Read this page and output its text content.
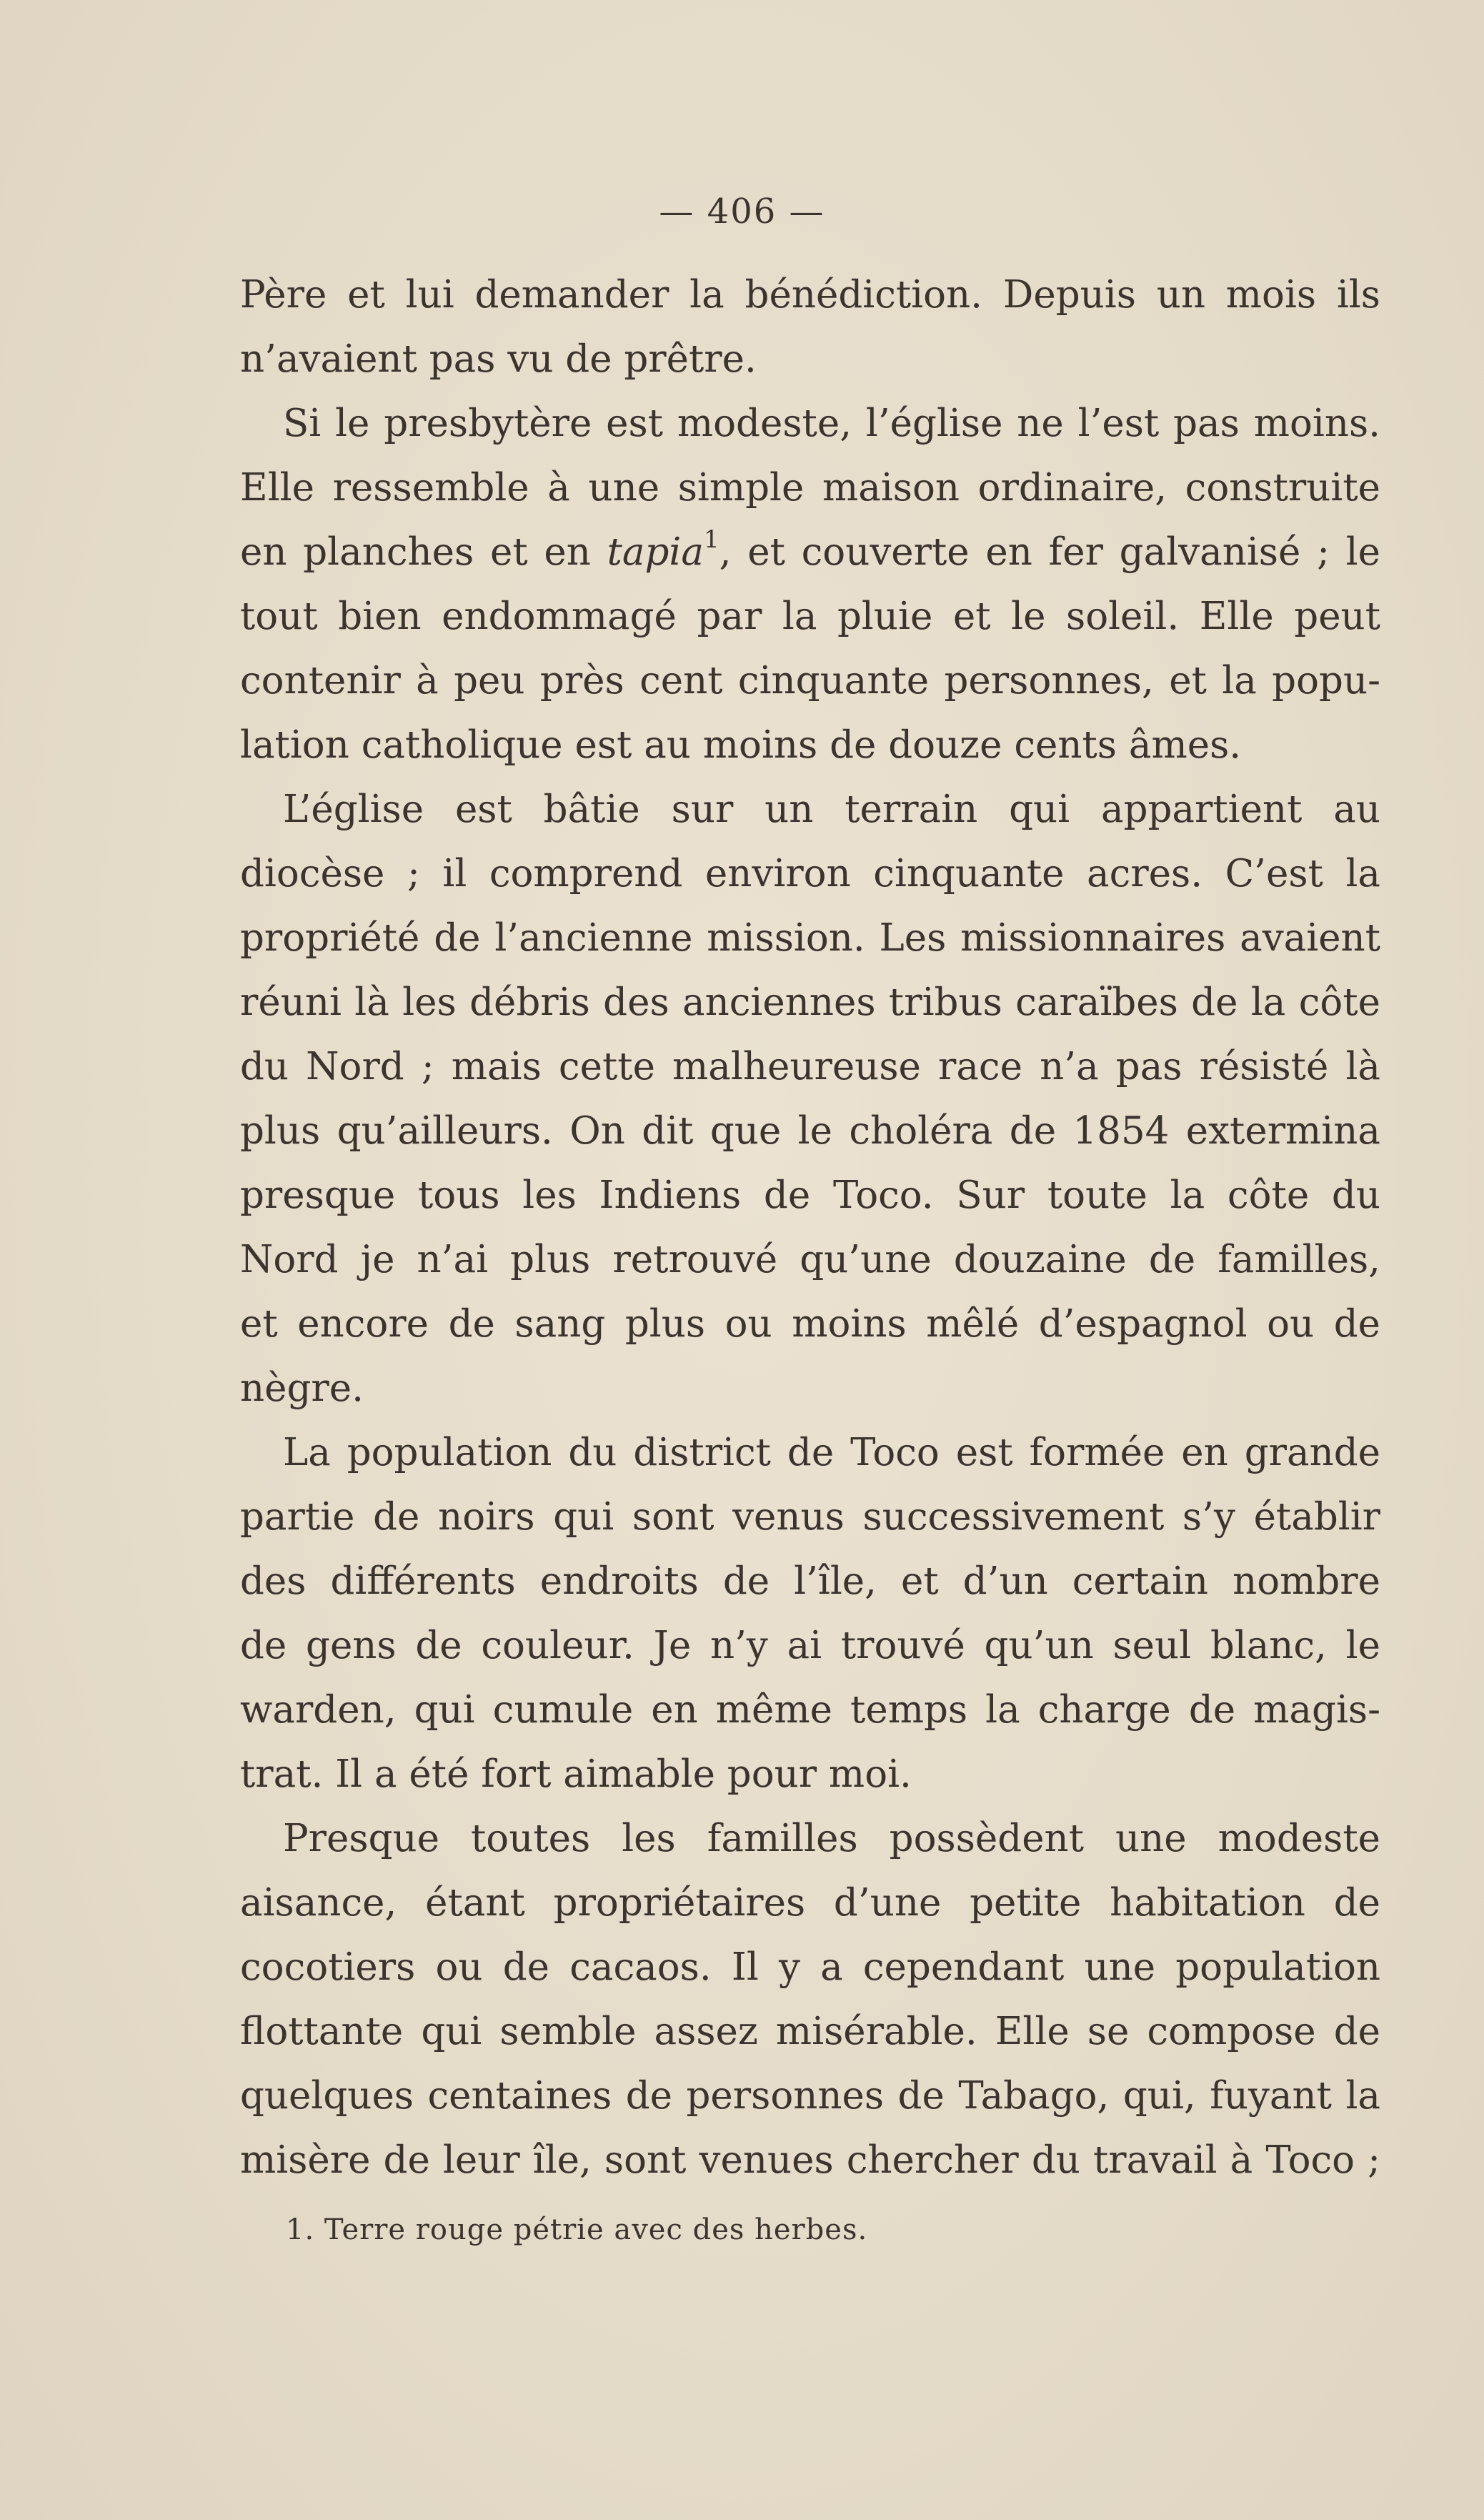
— 406 —
Père et lui demander la bénédiction. Depuis un mois ils
n’avaient pas vu de prêtre.
Si le presbytère est modeste, l’église ne l’est pas moins.
Elle ressemble à une simple maison ordinaire, construite
en planches et en tapia$^1$, et couverte en fer galvanisé ; le
tout bien endommagé par la pluie et le soleil. Elle peut
contenir à peu près cent cinquante personnes, et la popu-
lation catholique est au moins de douze cents âmes.
L’église est bâtie sur un terrain qui appartient au
diocèse ; il comprend environ cinquante acres. C’est la
propriété de l’ancienne mission. Les missionnaires avaient
réuni là les débris des anciennes tribus caraïbes de la côte
du Nord ; mais cette malheureuse race n’a pas résisté là
plus qu’ailleurs. On dit que le choléra de 1854 extermina
presque tous les Indiens de Toco. Sur toute la côte du
Nord je n’ai plus retrouvé qu’une douzaine de familles,
et encore de sang plus ou moins mêlé d’espagnol ou de
nègre.
La population du district de Toco est formée en grande
partie de noirs qui sont venus successivement s’y établir
des différents endroits de l’île, et d’un certain nombre
de gens de couleur. Je n’y ai trouvé qu’un seul blanc, le
warden, qui cumule en même temps la charge de magis-
trat. Il a été fort aimable pour moi.
Presque toutes les familles possèdent une modeste
aisance, étant propriétaires d’une petite habitation de
cocotiers ou de cacaos. Il y a cependant une population
flottante qui semble assez misérable. Elle se compose de
quelques centaines de personnes de Tabago, qui, fuyant la
misère de leur île, sont venues chercher du travail à Toco ;
1. Terre rouge pétrie avec des herbes.
